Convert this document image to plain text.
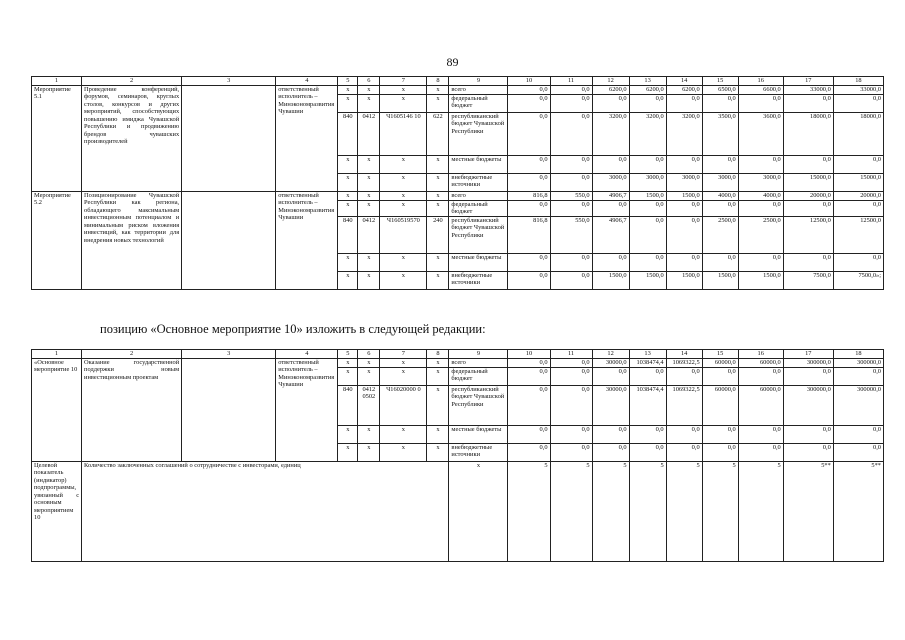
89
1	2	3	4	5	6	7	8	9	10	11	12	13	14	15	16	17	18
Мероприятие 5.1	Проведение конференций, форумов, семинаров, круглых столов, конкурсов и других мероприятий, способствующих повышению имиджа Чувашской Республики и продвижению брендов чувашских производителей		ответственный исполнитель – Минэкономразвития Чувашии	x	x	x	x	всего	0,0	0,0	6200,0	6200,0	6200,0	6500,0	6600,0	33000,0	33000,0
				x	x	x	x	федеральный бюджет	0,0	0,0	0,0	0,0	0,0	0,0	0,0	0,0	0,0
				840	0412	Ч1605146 10	622	республиканский бюджет Чувашской Республики	0,0	0,0	3200,0	3200,0	3200,0	3500,0	3600,0	18000,0	18000,0
				x	x	x	x	местные бюджеты	0,0	0,0	0,0	0,0	0,0	0,0	0,0	0,0	0,0
				x	x	x	x	внебюджетные источники	0,0	0,0	3000,0	3000,0	3000,0	3000,0	3000,0	15000,0	15000,0
Мероприятие 5.2	Позиционирование Чувашской Республики как региона, обладающего максимальным инвестиционным потенциалом и минимальным риском вложения инвестиций, как территории для внедрения новых технологий		ответственный исполнитель – Минэкономразвития Чувашии	x	x	x	x	всего	816,8	550,0	4906,7	1500,0	1500,0	4000,0	4000,0	20000,0	20000,0
				x	x	x	x	федеральный бюджет	0,0	0,0	0,0	0,0	0,0	0,0	0,0	0,0	0,0
				840	0412	Ч160519570	240	республиканский бюджет Чувашской Республики	816,8	550,0	4906,7	0,0	0,0	2500,0	2500,0	12500,0	12500,0
				x	x	x	x	местные бюджеты	0,0	0,0	0,0	0,0	0,0	0,0	0,0	0,0	0,0
				x	x	x	x	внебюджетные источники	0,0	0,0	1500,0	1500,0	1500,0	1500,0	1500,0	7500,0	7500,0»;
позицию «Основное мероприятие 10» изложить в следующей редакции:
1	2	3	4	5	6	7	8	9	10	11	12	13	14	15	16	17	18
«Основное мероприятие 10	Оказание государственной поддержки новым инвестиционным проектам		ответственный исполнитель – Минэкономразвития Чувашии	x	x	x	x	всего	0,0	0,0	30000,0	1038474,4	1069322,5	60000,0	60000,0	300000,0	300000,0
				x	x	x	x	федеральный бюджет	0,0	0,0	0,0	0,0	0,0	0,0	0,0	0,0	0,0
				840	0412 0502	Ч16020000 0	x	республиканский бюджет Чувашской Республики	0,0	0,0	30000,0	1038474,4	1069322,5	60000,0	60000,0	300000,0	300000,0
				x	x	x	x	местные бюджеты	0,0	0,0	0,0	0,0	0,0	0,0	0,0	0,0	0,0
				x	x	x	x	внебюджетные источники	0,0	0,0	0,0	0,0	0,0	0,0	0,0	0,0	0,0
Целевой показатель (индикатор) подпрограммы, увязанный с основным мероприятием 10	Количество заключенных соглашений о сотрудничестве с инвесторами, единиц							x	5	5	5	5	5	5	5	5**	5**
